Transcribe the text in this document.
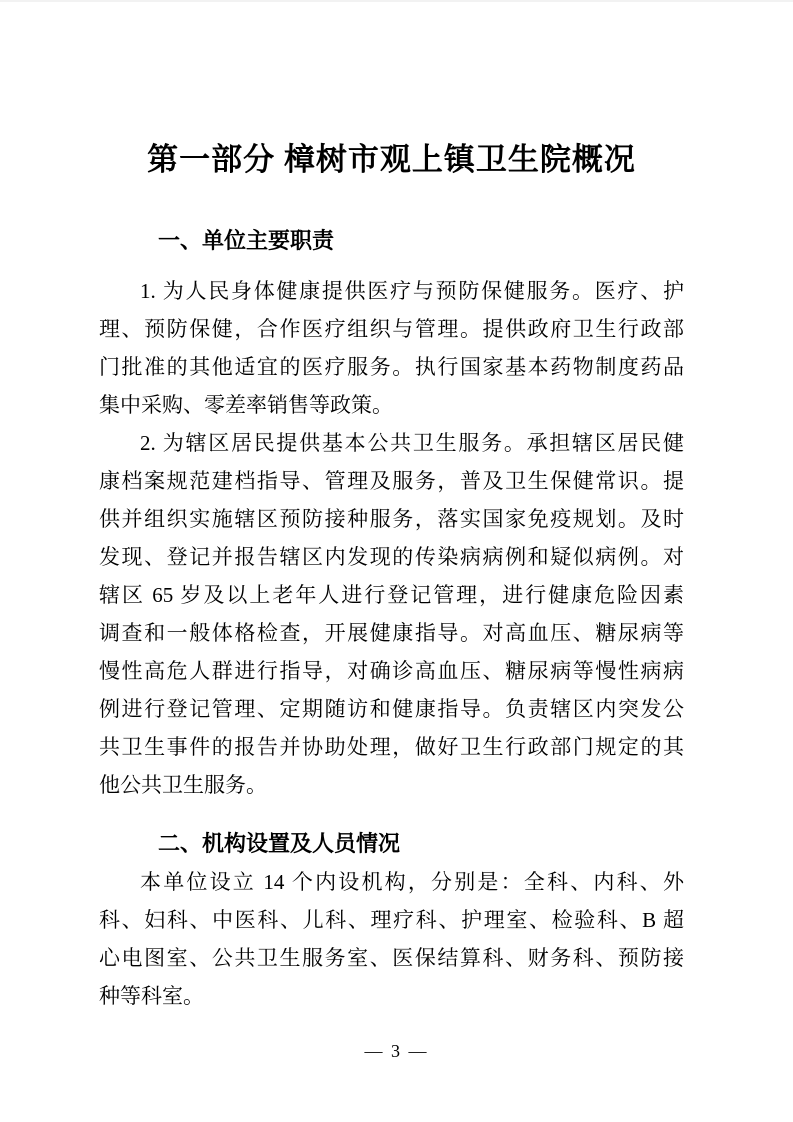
第一部分 樟树市观上镇卫生院概况
一、单位主要职责
1. 为人民身体健康提供医疗与预防保健服务。医疗、护
理、预防保健，合作医疗组织与管理。提供政府卫生行政部
门批准的其他适宜的医疗服务。执行国家基本药物制度药品
集中采购、零差率销售等政策。
2. 为辖区居民提供基本公共卫生服务。承担辖区居民健
康档案规范建档指导、管理及服务，普及卫生保健常识。提
供并组织实施辖区预防接种服务，落实国家免疫规划。及时
发现、登记并报告辖区内发现的传染病病例和疑似病例。对
辖区 65 岁及以上老年人进行登记管理，进行健康危险因素
调查和一般体格检查，开展健康指导。对高血压、糖尿病等
慢性高危人群进行指导，对确诊高血压、糖尿病等慢性病病
例进行登记管理、定期随访和健康指导。负责辖区内突发公
共卫生事件的报告并协助处理，做好卫生行政部门规定的其
他公共卫生服务。
二、机构设置及人员情况
本单位设立 14 个内设机构，分别是：全科、内科、外
科、妇科、中医科、儿科、理疗科、护理室、检验科、B 超
心电图室、公共卫生服务室、医保结算科、财务科、预防接
种等科室。
— 3 —
